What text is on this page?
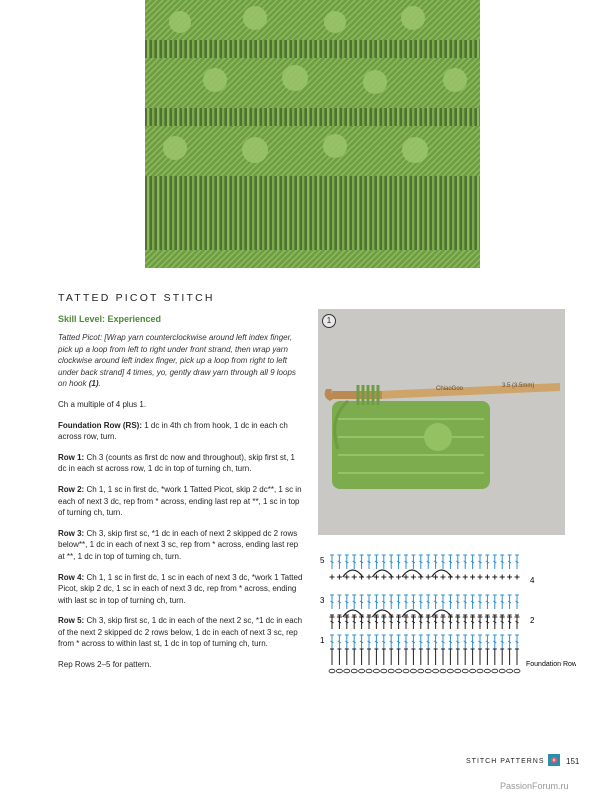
TATTED PICOT STITCH

Skill Level: Experienced

Tatted Picot: [Wrap yarn counterclockwise around left index finger, pick up a loop from left to right under front strand, then wrap yarn clockwise around left index finger, pick up a loop from right to left under back strand] 4 times, yo, gently draw yarn through all 9 loops on hook (1).

Ch a multiple of 4 plus 1.

Foundation Row (RS): 1 dc in 4th ch from hook, 1 dc in each ch across row, turn.

Row 1: Ch 3 (counts as first dc now and throughout), skip first st, 1 dc in each st across row, 1 dc in top of turning ch, turn.

Row 2: Ch 1, 1 sc in first dc, *work 1 Tatted Picot, skip 2 dc**, 1 sc in each of next 3 dc, rep from * across, ending last rep at **, 1 sc in top of turning ch, turn.

Row 3: Ch 3, skip first sc, *1 dc in each of next 2 skipped dc 2 rows below**, 1 dc in each of next 3 sc, rep from * across, ending last rep at **, 1 dc in top of turning ch, turn.

Row 4: Ch 1, 1 sc in first dc, 1 sc in each of next 3 dc, *work 1 Tatted Picot, skip 2 dc, 1 sc in each of next 3 dc, rep from * across, ending with last sc in top of turning ch, turn.

Row 5: Ch 3, skip first sc, 1 dc in each of the next 2 sc, *1 dc in each of the next 2 skipped dc 2 rows below, 1 dc in each of next 3 sc, rep from * across to within last st, 1 dc in top of turning ch, turn.

Rep Rows 2–5 for pattern.

ChiaoGoo	3.5 (3.5mm)
1
5
4
3
2
1
Foundation Row
STITCH PATTERNS	151
PassionForum.ru
